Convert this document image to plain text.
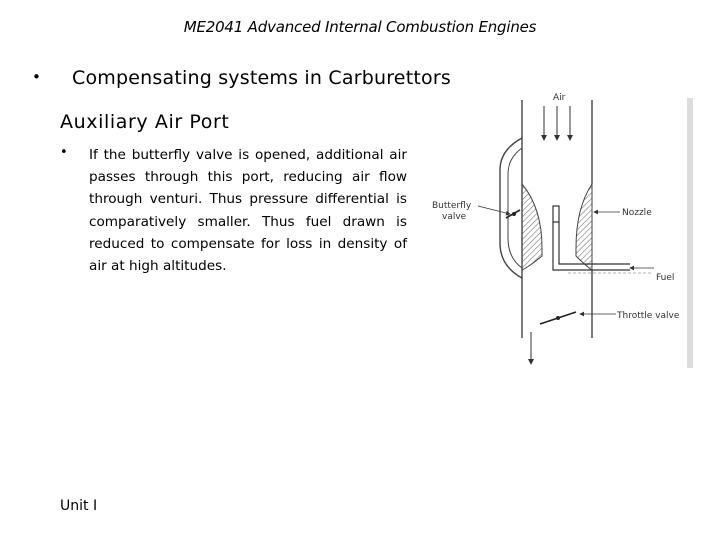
ME2041 Advanced Internal Combustion Engines
• Compensating systems in Carburettors
Auxiliary Air Port
• If the butterfly valve is opened, additional air passes through this port, reducing air flow through venturi. Thus pressure differential is comparatively smaller. Thus fuel drawn is reduced to compensate for loss in density of air at high altitudes.
Air
Butterfly
valve	Nozzle
Fuel
Throttle valve
Unit I
